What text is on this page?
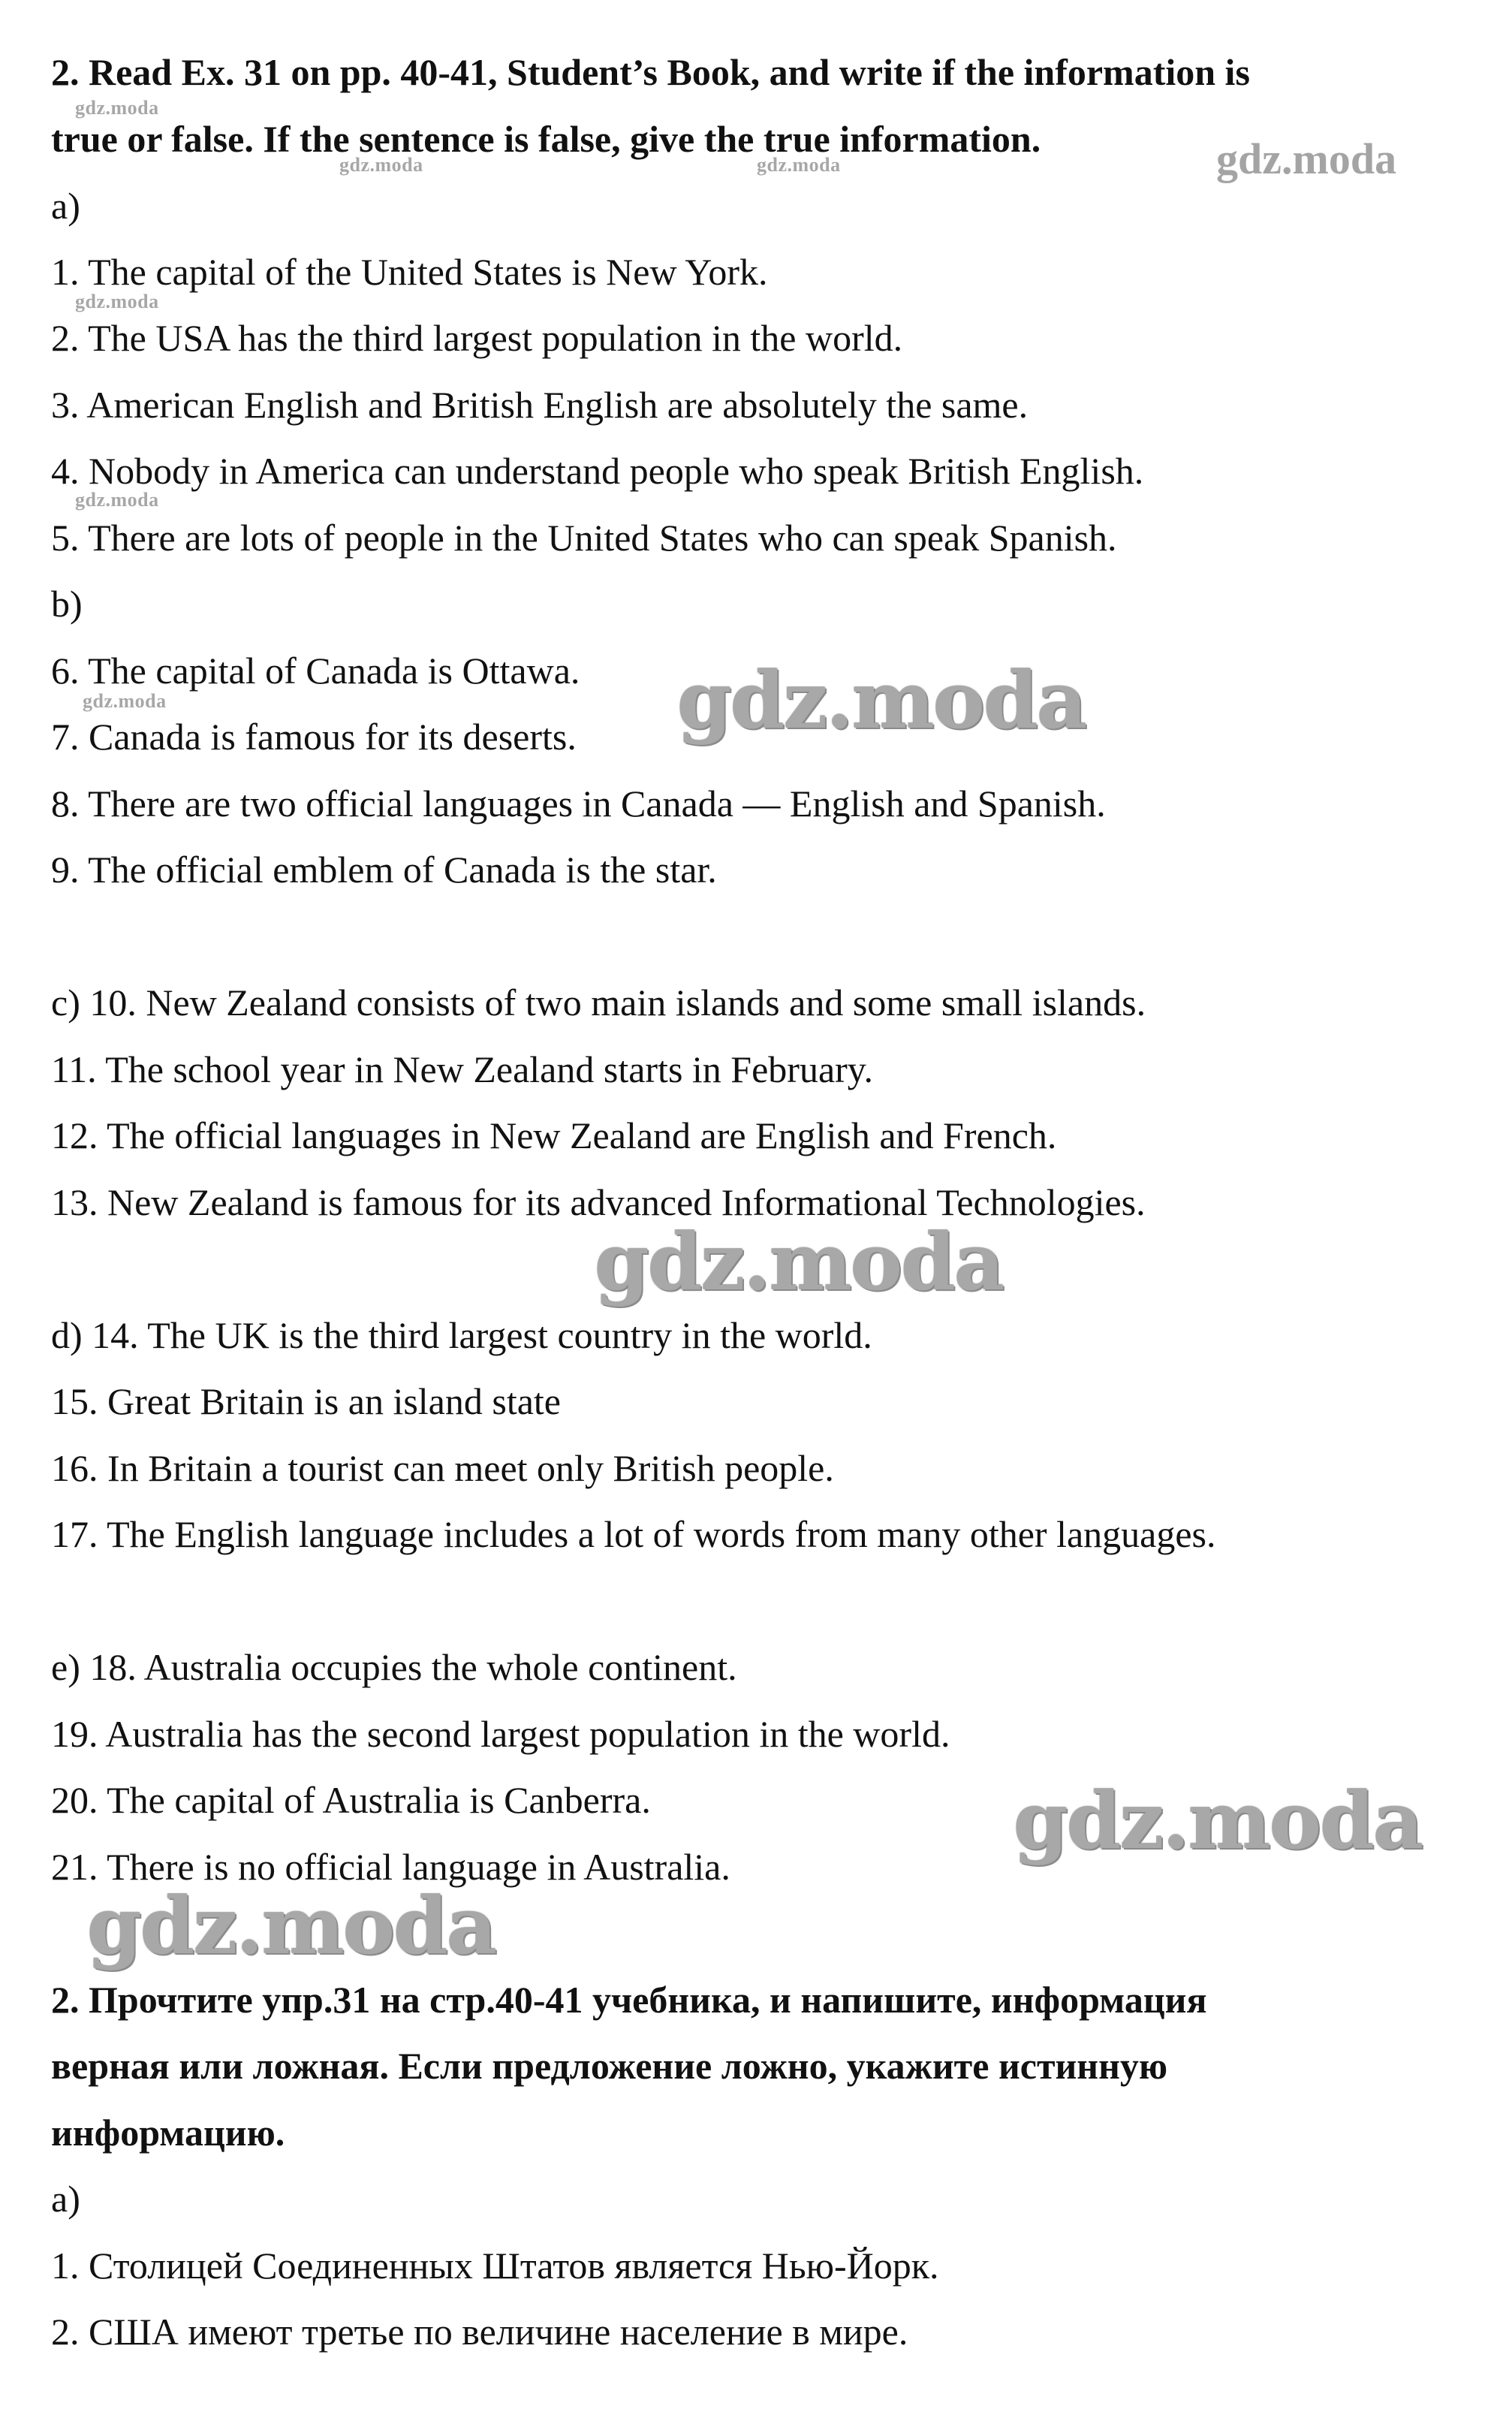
2. Read Ex. 31 on pp. 40-41, Student’s Book, and write if the information is
true or false. If the sentence is false, give the true information.
a)
1. The capital of the United States is New York.
2. The USA has the third largest population in the world.
3. American English and British English are absolutely the same.
4. Nobody in America can understand people who speak British English.
5. There are lots of people in the United States who can speak Spanish.
b)
6. The capital of Canada is Ottawa.
7. Canada is famous for its deserts.
8. There are two official languages in Canada — English and Spanish.
9. The official emblem of Canada is the star.
c) 10. New Zealand consists of two main islands and some small islands.
11. The school year in New Zealand starts in February.
12. The official languages in New Zealand are English and French.
13. New Zealand is famous for its advanced Informational Technologies.
d) 14. The UK is the third largest country in the world.
15. Great Britain is an island state
16. In Britain a tourist can meet only British people.
17. The English language includes a lot of words from many other languages.
e) 18. Australia occupies the whole continent.
19. Australia has the second largest population in the world.
20. The capital of Australia is Canberra.
21. There is no official language in Australia.
2. Прочтите упр.31 на стр.40-41 учебника, и напишите, информация
верная или ложная. Если предложение ложно, укажите истинную
информацию.
a)
1. Столицей Соединенных Штатов является Нью-Йорк.
2. США имеют третье по величине население в мире.
gdz.moda
gdz.moda	gdz.moda	gdz.moda
gdz.moda
gdz.moda
gdz.moda	gdz.moda
gdz.moda
gdz.moda
gdz.moda
